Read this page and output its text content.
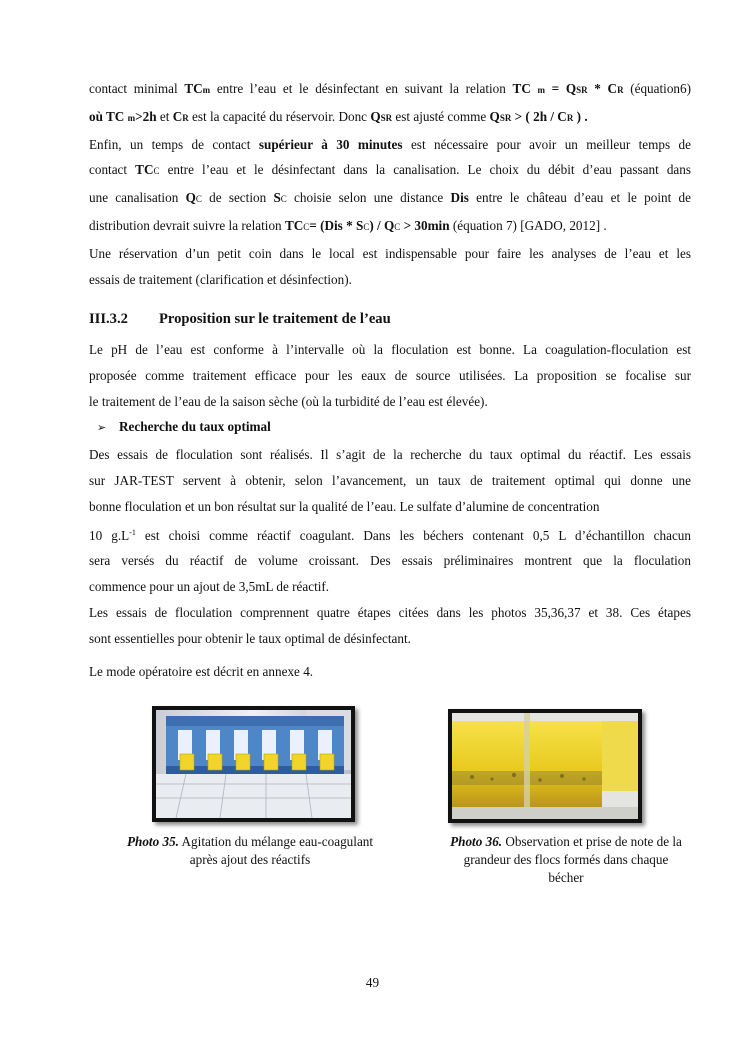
contact minimal TCm entre l’eau et le désinfectant en suivant la relation TC m = QSR * CR (équation6)
où TC m>2h et CR est la capacité du réservoir. Donc QSR est ajusté comme QSR > ( 2h / CR ) .
Enfin, un temps de contact supérieur à 30 minutes est nécessaire pour avoir un meilleur temps de
contact TCC entre l’eau et le désinfectant dans la canalisation. Le choix du débit d’eau passant dans
une canalisation QC de section SC choisie selon une distance Dis entre le château d’eau et le point de
distribution devrait suivre la relation TCC= (Dis * SC) / QC > 30min (équation 7) [GADO, 2012] .
Une réservation d’un petit coin dans le local est indispensable pour faire les analyses de l’eau et les
essais de traitement (clarification et désinfection).
III.3.2 Proposition sur le traitement de l’eau
Le pH de l’eau est conforme à l’intervalle où la floculation est bonne. La coagulation-floculation est
proposée comme traitement efficace pour les eaux de source utilisées. La proposition se focalise sur
le traitement de l’eau de la saison sèche (où la turbidité de l’eau est élevée).
➢ Recherche du taux optimal
Des essais de floculation sont réalisés. Il s’agit de la recherche du taux optimal du réactif. Les essais
sur JAR-TEST servent à obtenir, selon l’avancement, un taux de traitement optimal qui donne une
bonne floculation et un bon résultat sur la qualité de l’eau. Le sulfate d’alumine de concentration
10 $g.L^{-1}$ est choisi comme réactif coagulant. Dans les béchers contenant 0,5 L d’échantillon chacun
sera versés du réactif de volume croissant. Des essais préliminaires montrent que la floculation
commence pour un ajout de 3,5mL de réactif.
Les essais de floculation comprennent quatre étapes citées dans les photos 35,36,37 et 38. Ces étapes
sont essentielles pour obtenir le taux optimal de désinfectant.
Le mode opératoire est décrit en annexe 4.
Photo 35. Agitation du mélange eau-coagulant
après ajout des réactifs
Photo 36. Observation et prise de note de la
grandeur des flocs formés dans chaque
bécher
49
